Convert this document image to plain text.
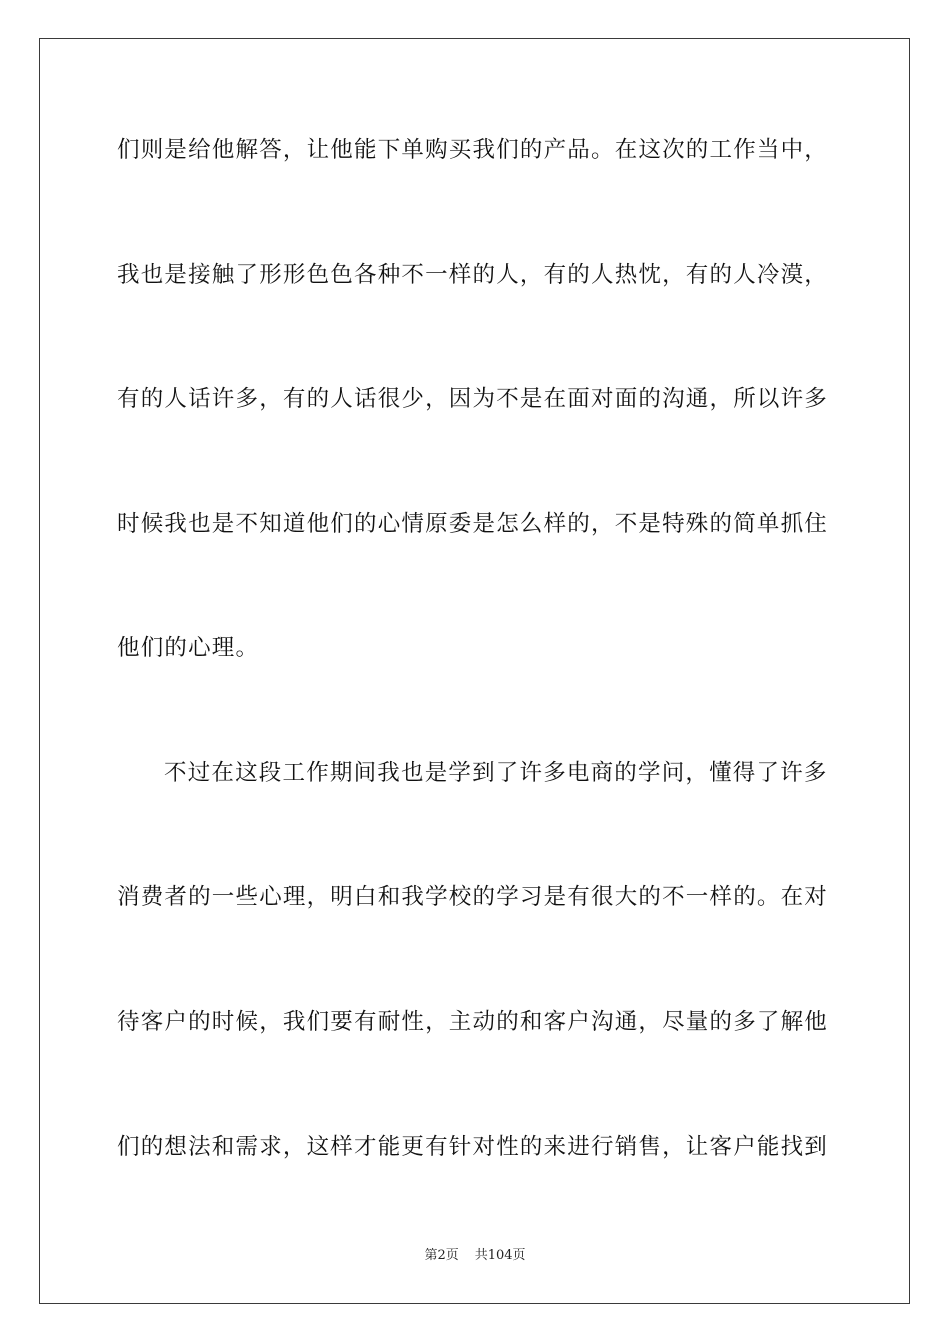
们则是给他解答，让他能下单购买我们的产品。在这次的工作当中，
我也是接触了形形色色各种不一样的人，有的人热忱，有的人冷漠，
有的人话许多，有的人话很少，因为不是在面对面的沟通，所以许多
时候我也是不知道他们的心情原委是怎么样的，不是特殊的简单抓住
他们的心理。
不过在这段工作期间我也是学到了许多电商的学问，懂得了许多
消费者的一些心理，明白和我学校的学习是有很大的不一样的。在对
待客户的时候，我们要有耐性，主动的和客户沟通，尽量的多了解他
们的想法和需求，这样才能更有针对性的来进行销售，让客户能找到
第2页 共104页
